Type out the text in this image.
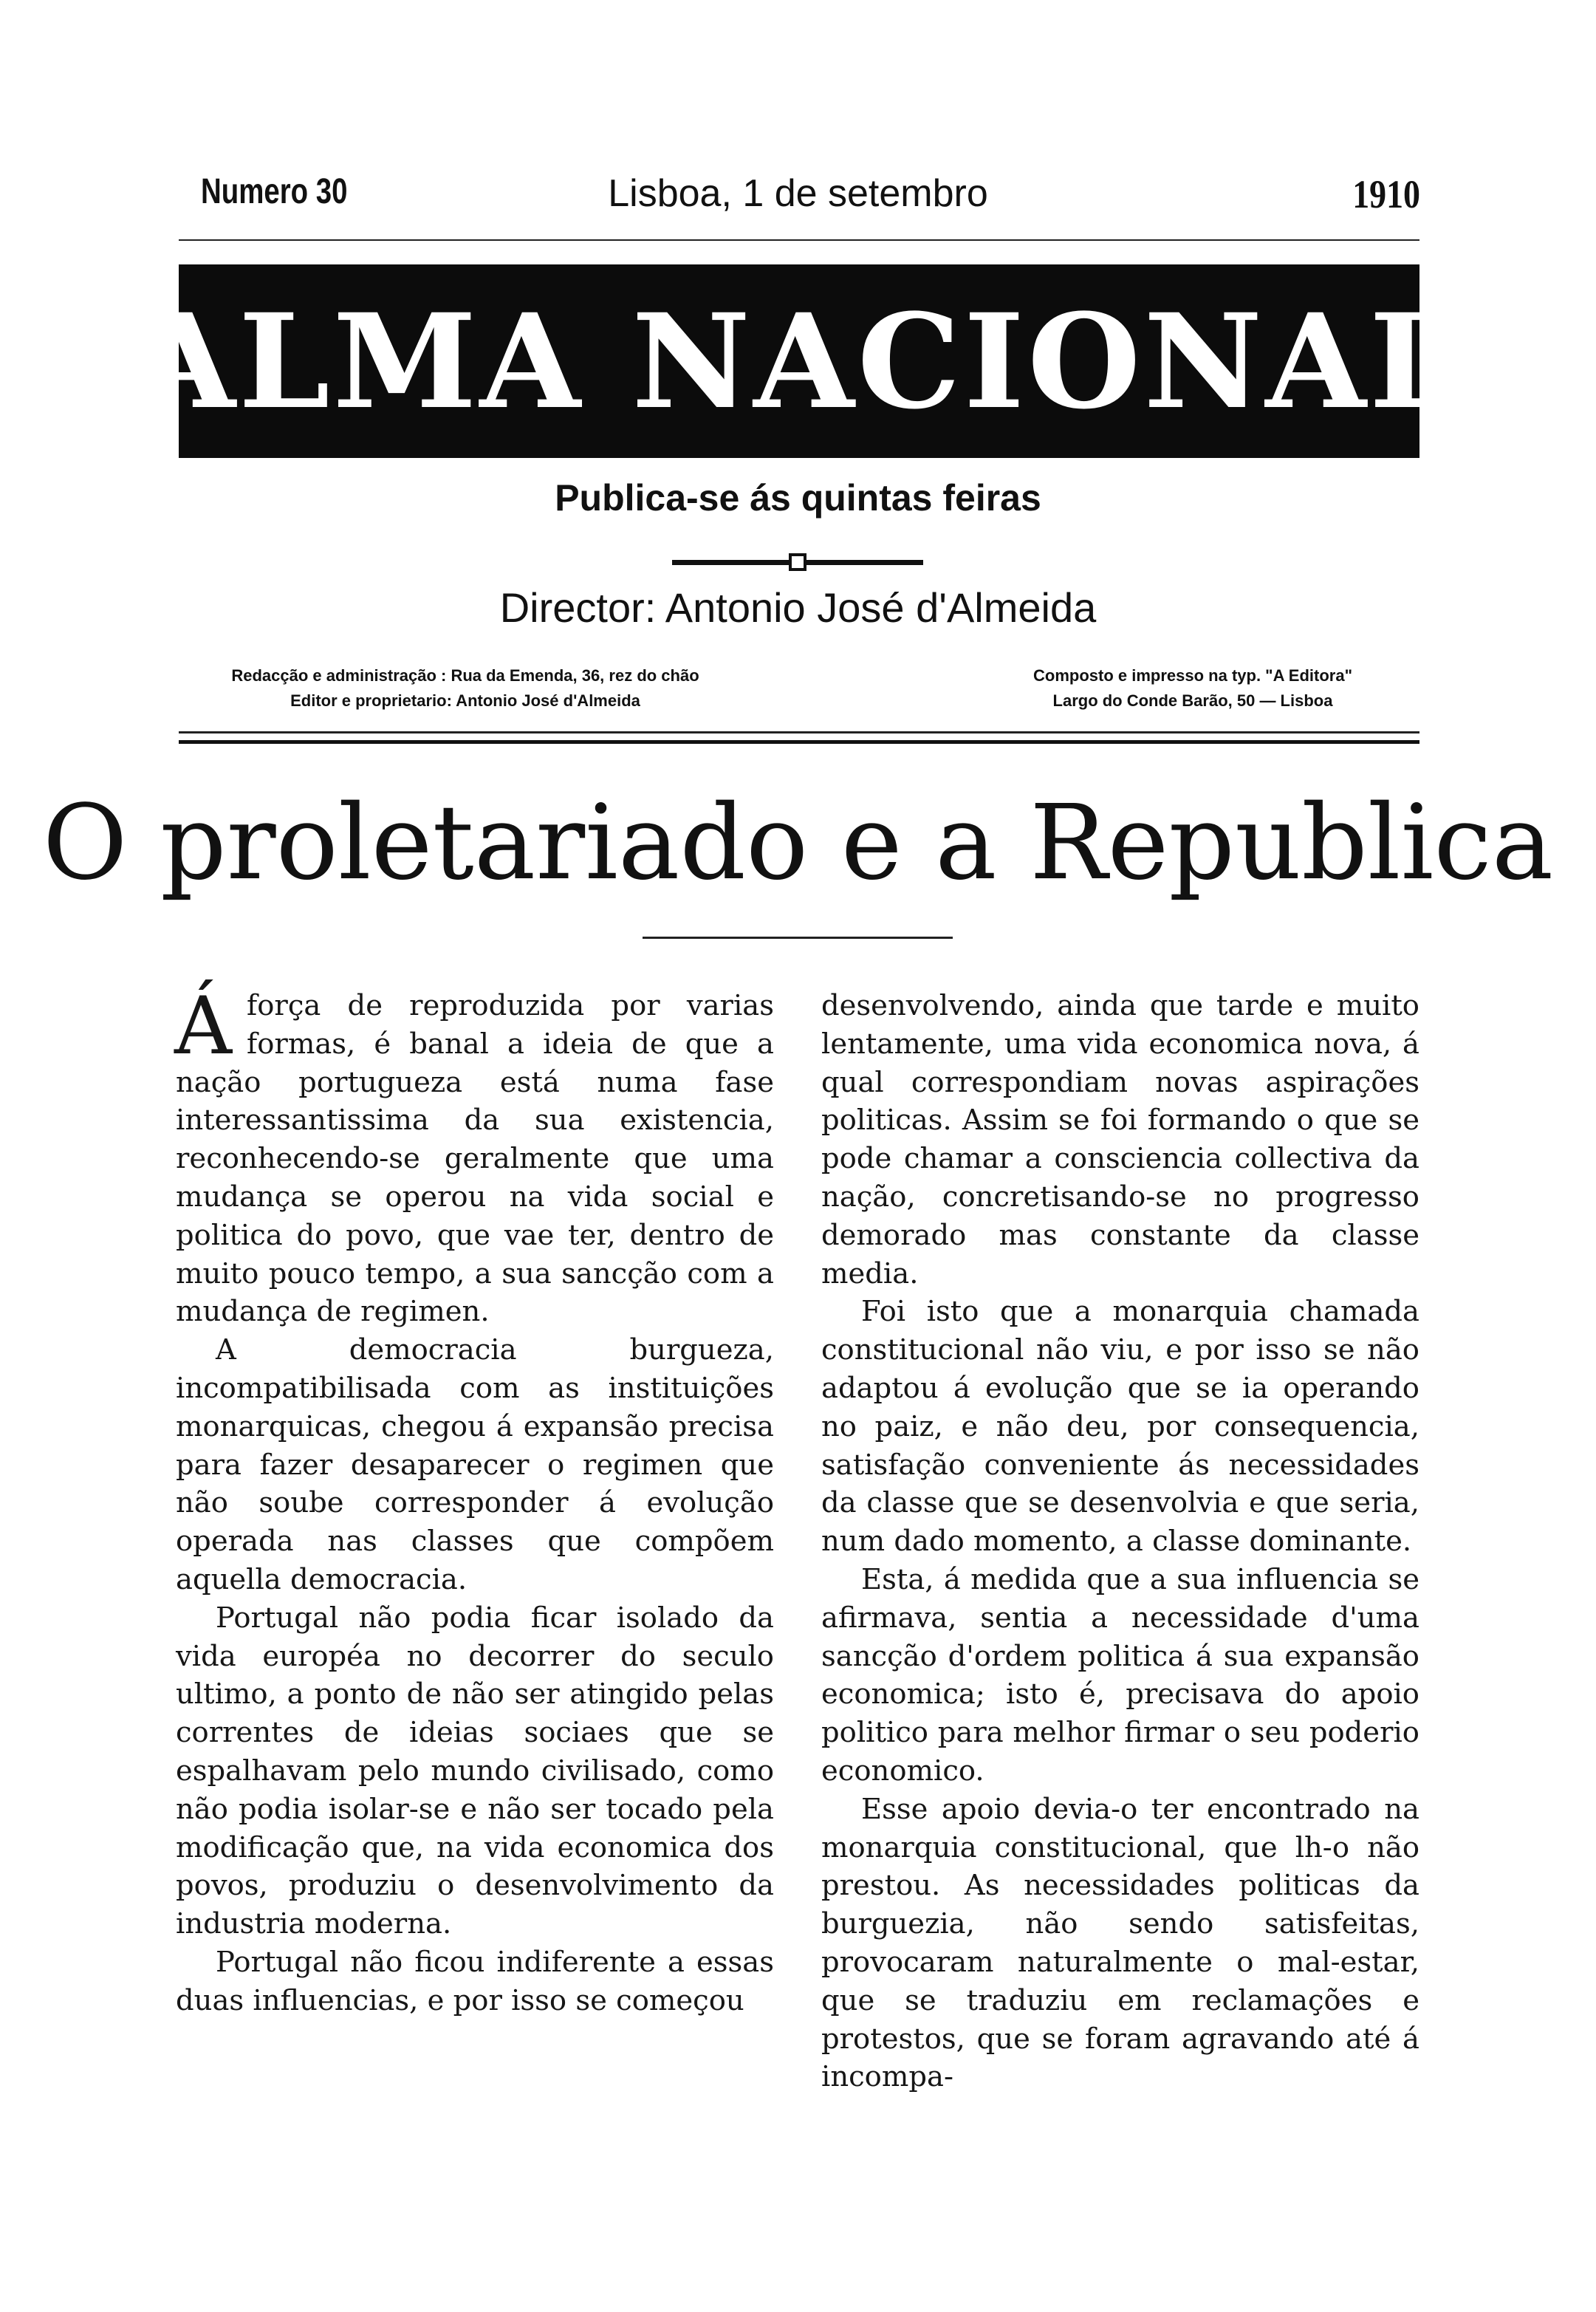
Numero 30	Lisboa, 1 de setembro	1910
ALMA NACIONAL
Publica-se ás quintas feiras
Director: Antonio José d'Almeida
Redacção e administração : Rua da Emenda, 36, rez do chão
Editor e proprietario: Antonio José d'Almeida
Composto e impresso na typ. "A Editora"
Largo do Conde Barão, 50 — Lisboa
O proletariado e a Republica

Áforça de reproduzida por varias formas, é banal a ideia de que a nação portugueza está numa fase interessantissima da sua existencia, reconhecendo-se geralmente que uma mudança se operou na vida social e politica do povo, que vae ter, dentro de muito pouco tempo, a sua sancção com a mudança de regimen.

A democracia burgueza, incompatibilisada com as instituições monarquicas, chegou á expansão precisa para fazer desaparecer o regimen que não soube corresponder á evolução operada nas classes que compõem aquella democracia.

Portugal não podia ficar isolado da vida européa no decorrer do seculo ultimo, a ponto de não ser atingido pelas correntes de ideias sociaes que se espalhavam pelo mundo civilisado, como não podia isolar-se e não ser tocado pela modificação que, na vida economica dos povos, produziu o desenvolvimento da industria moderna.

Portugal não ficou indiferente a essas duas influencias, e por isso se começou

desenvolvendo, ainda que tarde e muito lentamente, uma vida economica nova, á qual correspondiam novas aspirações politicas. Assim se foi formando o que se pode chamar a consciencia collectiva da nação, concretisando-se no progresso demorado mas constante da classe media.

Foi isto que a monarquia chamada constitucional não viu, e por isso se não adaptou á evolução que se ia operando no paiz, e não deu, por consequencia, satisfação conveniente ás necessidades da classe que se desenvolvia e que seria, num dado momento, a classe dominante.

Esta, á medida que a sua influencia se afirmava, sentia a necessidade d'uma sancção d'ordem politica á sua expansão economica; isto é, precisava do apoio politico para melhor firmar o seu poderio economico.

Esse apoio devia-o ter encontrado na monarquia constitucional, que lh-o não prestou. As necessidades politicas da burguezia, não sendo satisfeitas, provocaram naturalmente o mal-estar, que se traduziu em reclamações e protestos, que se foram agravando até á incompa-
